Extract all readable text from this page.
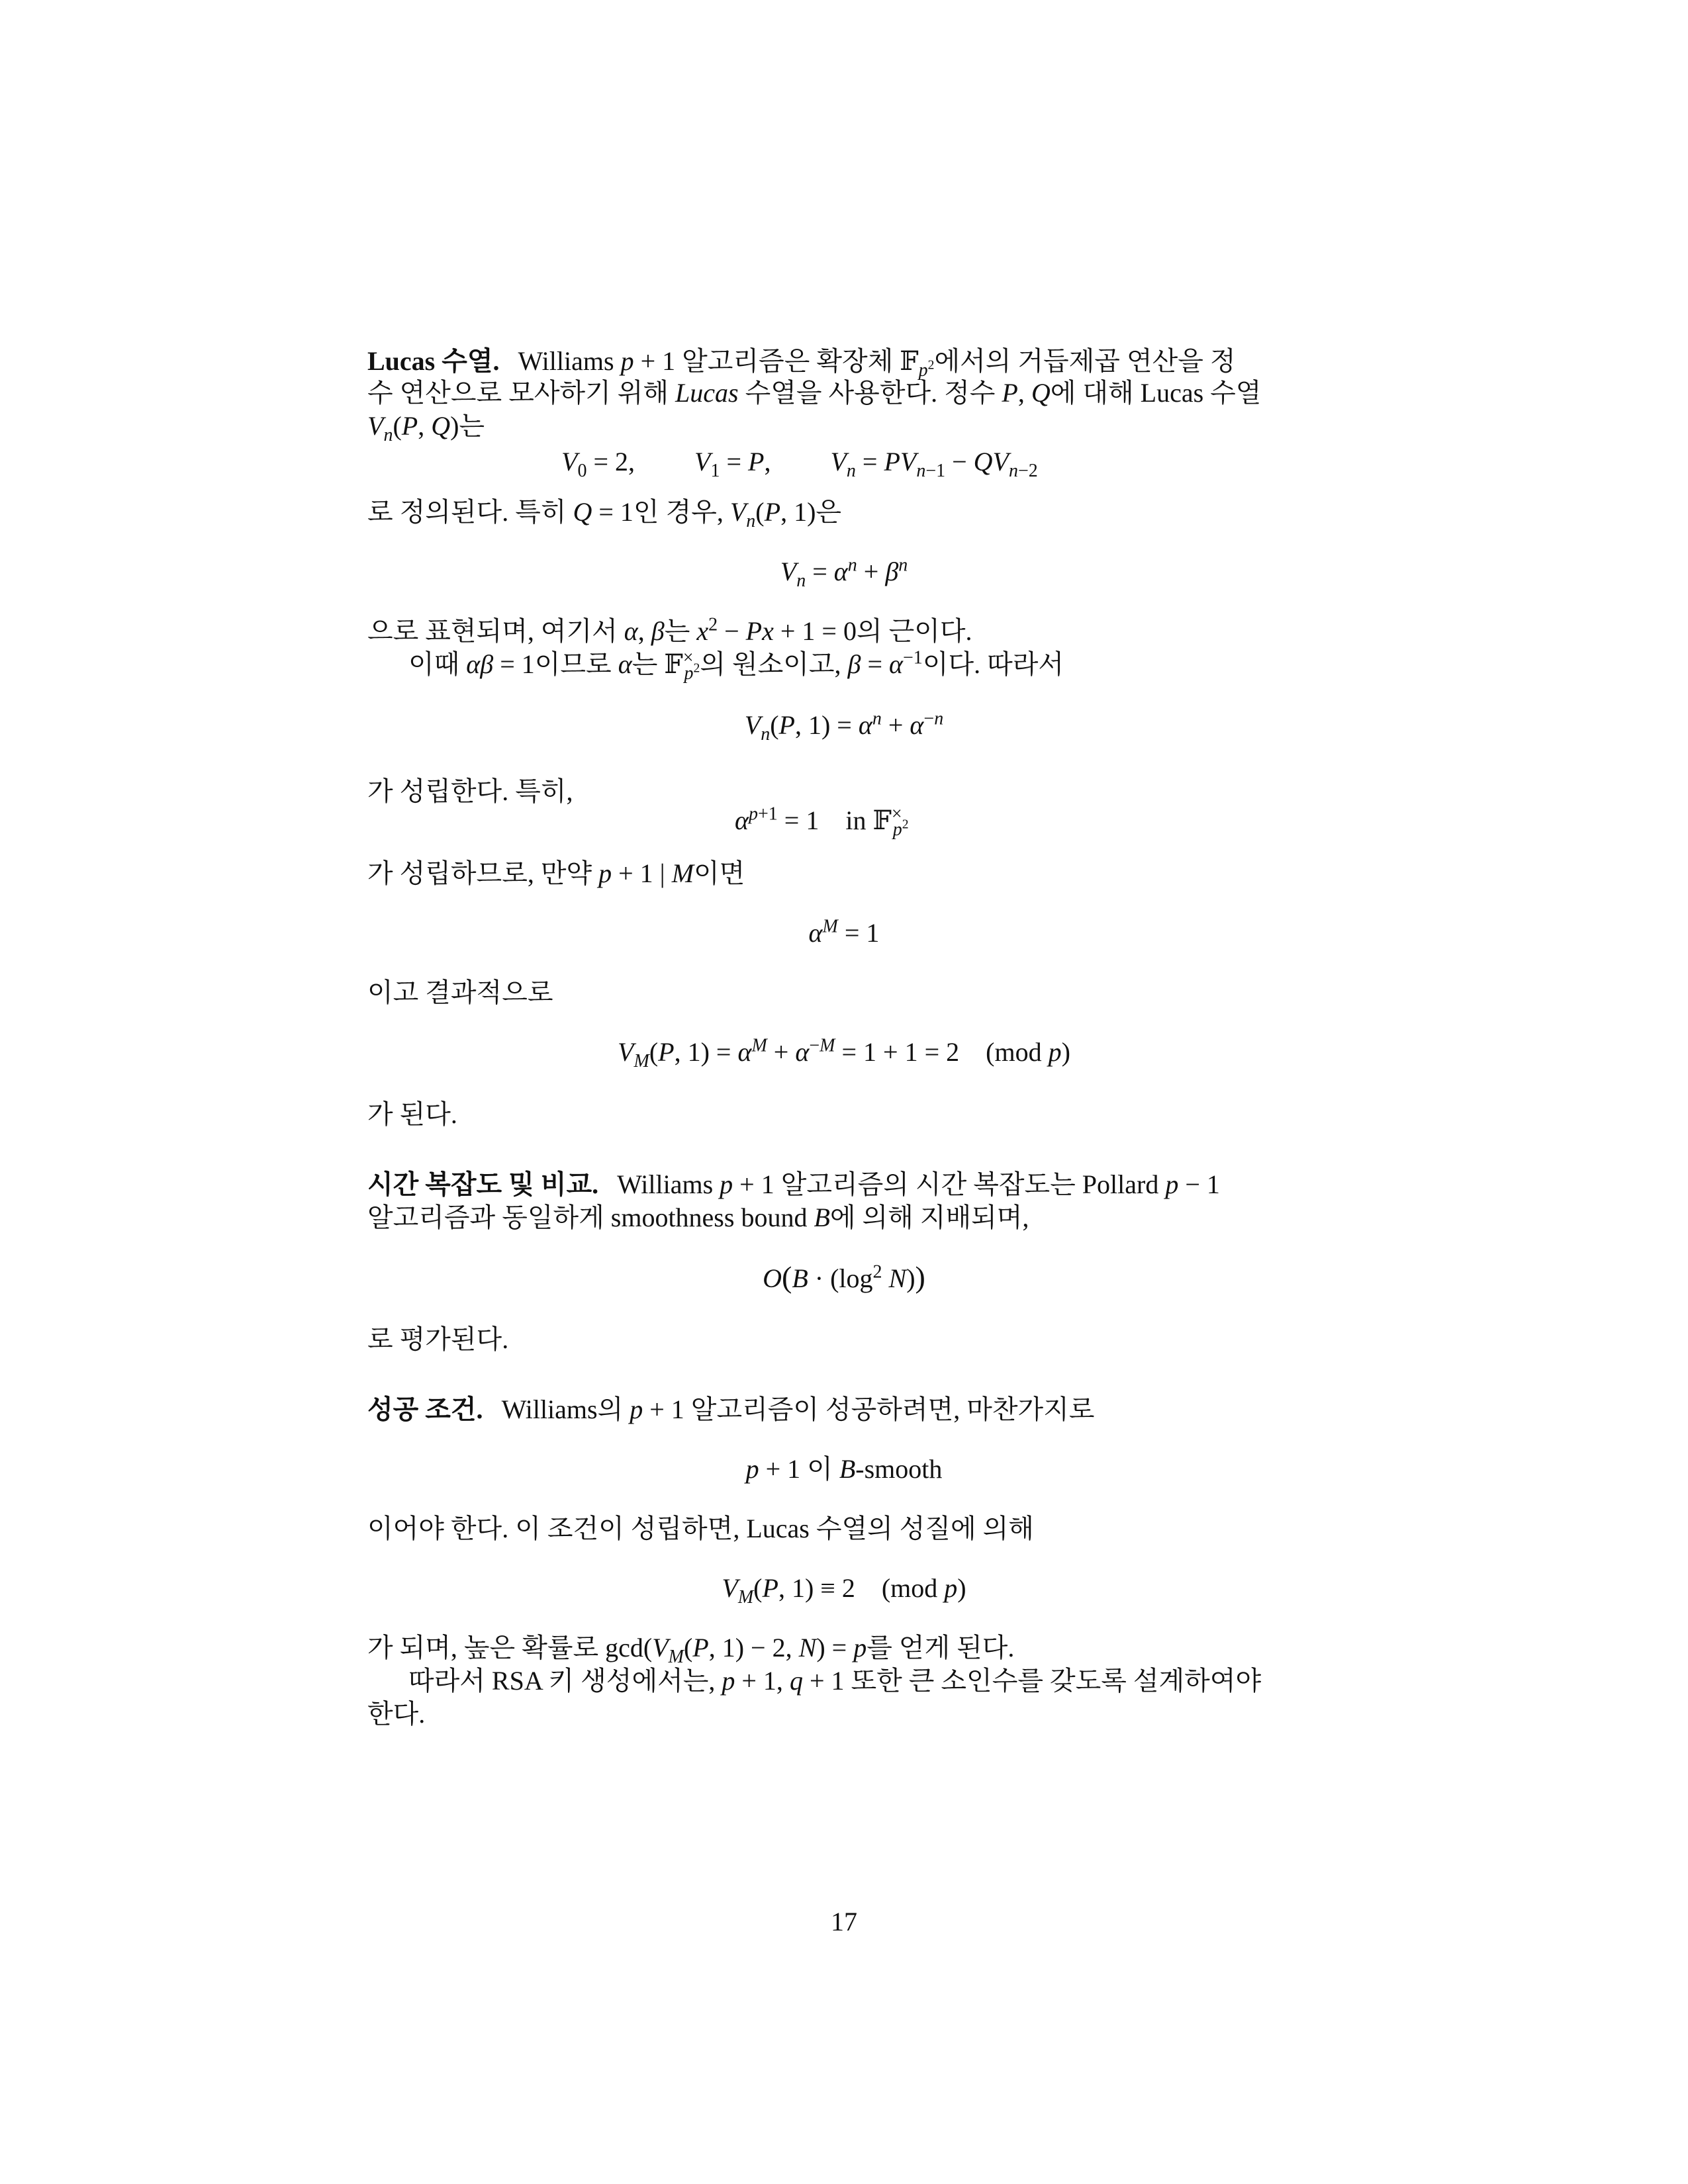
Lucas 수열. Williams p + 1 알고리즘은 확장체 𝔽$_{p^2}$에서의 거듭제곱 연산을 정
수 연산으로 모사하기 위해 Lucas 수열을 사용한다. 정수 P, Q에 대해 Lucas 수열
$V_n(P$, Q)는
$V_0 = 2$, $V_1 = P$, $V_n = PV_{n-1} - QV_{n-2}$
로 정의된다. 특히 Q = 1인 경우, $V_n(P$, 1)은
$V_n = \alpha^n + \beta^n$
으로 표현되며, 여기서 α, β는 $x^2 - Px + 1 = 0$의 근이다.
이때 αβ = 1이므로 α는 𝔽×$_{p^2}$의 원소이고, $\beta = \alpha^{-1}$이다. 따라서
$V_n(P$, $1) = \alpha^n + \alpha^{-n}$
가 성립한다. 특히,
$\alpha^{p+1} = 1$ in 𝔽×$_{p^2}$
가 성립하므로, 만약 p + 1 | M이면
$\alpha^M = 1$
이고 결과적으로
$V_M(P$, $1) = \alpha^M + \alpha^{-M} = 1 + 1 = 2$ (mod p)
가 된다.
시간 복잡도 및 비교. Williams p + 1 알고리즘의 시간 복잡도는 Pollard p − 1
알고리즘과 동일하게 smoothness bound B에 의해 지배되며,
$O(B \cdot (\log^2$ N))
로 평가된다.
성공 조건. Williams의 p + 1 알고리즘이 성공하려면, 마찬가지로
p + 1 이 B-smooth
이어야 한다. 이 조건이 성립하면, Lucas 수열의 성질에 의해
$V_M(P$, 1) ≡ 2 (mod p)
가 되며, 높은 확률로 $\gcd(V_M(P$, 1) − 2, N) = p를 얻게 된다.
따라서 RSA 키 생성에서는, p + 1, q + 1 또한 큰 소인수를 갖도록 설계하여야
한다.
17
